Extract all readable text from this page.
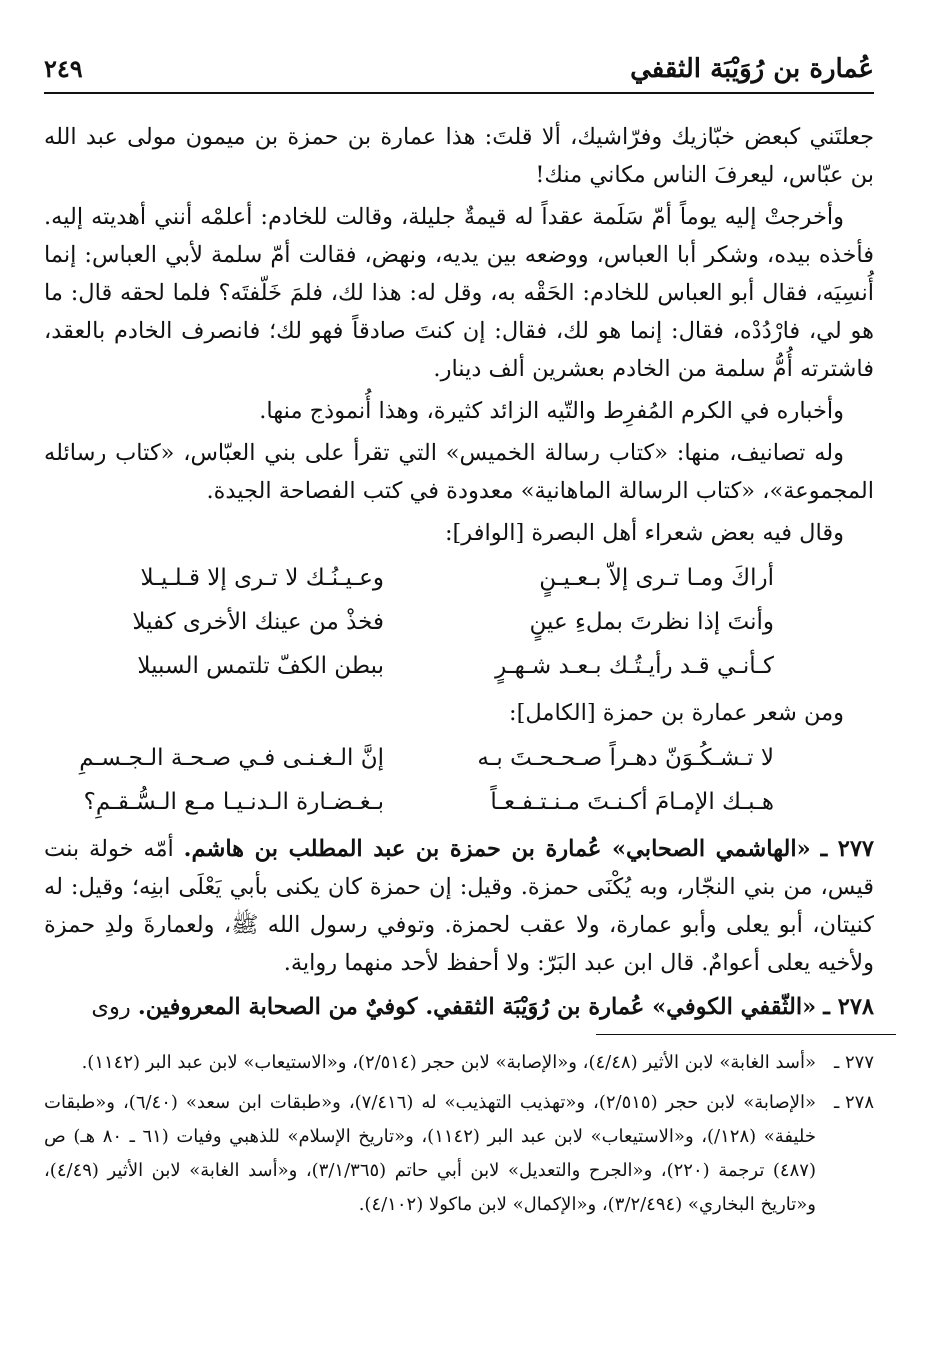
عُمارة بن رُوَيْبَة الثقفي
٢٤٩

جعلتَني كبعض خبّازيك وفرّاشيك، ألا قلتَ: هذا عمارة بن حمزة بن ميمون مولى عبد الله بن عبّاس، ليعرفَ الناس مكاني منك!

وأخرجتْ إليه يوماً أمّ سَلَمة عقداً له قيمةٌ جليلة، وقالت للخادم: أعلمْه أنني أهديته إليه. فأخذه بيده، وشكر أبا العباس، ووضعه بين يديه، ونهض، فقالت أمّ سلمة لأبي العباس: إنما أُنسِيَه، فقال أبو العباس للخادم: الحَقْه به، وقل له: هذا لك، فلمَ خَلّفتَه؟ فلما لحقه قال: ما هو لي، فارْدُدْه، فقال: إنما هو لك، فقال: إن كنتَ صادقاً فهو لك؛ فانصرف الخادم بالعقد، فاشترته أُمُّ سلمة من الخادم بعشرين ألف دينار.

وأخباره في الكرم المُفرِط والتّيه الزائد كثيرة، وهذا أُنموذج منها.

وله تصانيف، منها: «كتاب رسالة الخميس» التي تقرأ على بني العبّاس، «كتاب رسائله المجموعة»، «كتاب الرسالة الماهانية» معدودة في كتب الفصاحة الجيدة.

وقال فيه بعض شعراء أهل البصرة [الوافر]:

أراكَ ومـا تـرى إلاّ بـعـيـنٍ
وعـيـنُـك لا تـرى إلا قـلـيـلا
وأنتَ إذا نظرتَ بملءِ عينٍ
فخذْ من عينك الأخرى كفيلا
كـأنـي قـد رأيـتُـك بـعـد شـهـرٍ
ببطن الكفّ تلتمس السبيلا

ومن شعر عمارة بن حمزة [الكامل]:

لا تـشـكُـوَنّ دهـراً صـحـحـتَ بـه
إنَّ الـغـنـى فـي صـحـة الـجـسـمِ
هـبـك الإمـامَ أكـنـتَ مـنـتـفـعـاً
بـغـضـارة الـدنـيـا مـع الـسُّـقـمِ؟

٢٧٧ ـ «الهاشمي الصحابي» عُمارة بن حمزة بن عبد المطلب بن هاشم. أمّه خولة بنت قيس، من بني النجّار، وبه يُكْنَى حمزة. وقيل: إن حمزة كان يكنى بأبي يَعْلَى ابنِه؛ وقيل: له كنيتان، أبو يعلى وأبو عمارة، ولا عقب لحمزة. وتوفي رسول الله ﷺ، ولعمارةَ ولدِ حمزة ولأخيه يعلى أعوامٌ. قال ابن عبد البَرّ: ولا أحفظ لأحد منهما رواية.

٢٧٨ ـ «الثّقفي الكوفي» عُمارة بن رُوَيْبَة الثقفي. كوفيٌ من الصحابة المعروفين. روى

٢٧٧ ـ
«أسد الغابة» لابن الأثير (٤/٤٨)، و«الإصابة» لابن حجر (٢/٥١٤)، و«الاستيعاب» لابن عبد البر (١١٤٢).
٢٧٨ ـ
«الإصابة» لابن حجر (٢/٥١٥)، و«تهذيب التهذيب» له (٧/٤١٦)، و«طبقات ابن سعد» (٦/٤٠)، و«طبقات خليفة» (١٢٨/)، و«الاستيعاب» لابن عبد البر (١١٤٢)، و«تاريخ الإسلام» للذهبي وفيات (٦١ ـ ٨٠ هـ) ص (٤٨٧) ترجمة (٢٢٠)، و«الجرح والتعديل» لابن أبي حاتم (٣/١/٣٦٥)، و«أسد الغابة» لابن الأثير (٤/٤٩)، و«تاريخ البخاري» (٣/٢/٤٩٤)، و«الإكمال» لابن ماكولا (٤/١٠٢).
